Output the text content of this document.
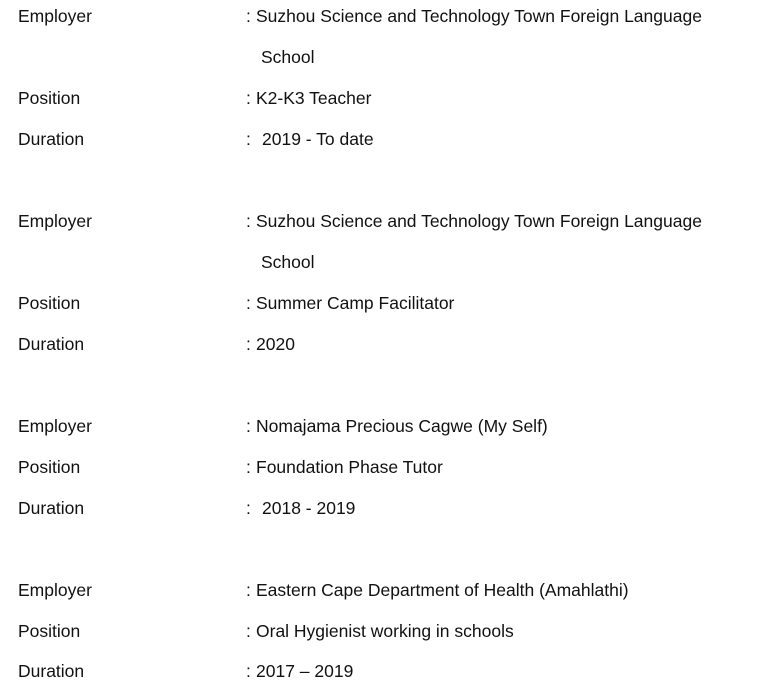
Employer	: Suzhou Science and Technology Town Foreign Language
School
Position	: K2-K3 Teacher
Duration	: 2019 - To date
Employer	: Suzhou Science and Technology Town Foreign Language
School
Position	: Summer Camp Facilitator
Duration	: 2020
Employer	: Nomajama Precious Cagwe (My Self)
Position	: Foundation Phase Tutor
Duration	: 2018 - 2019
Employer	: Eastern Cape Department of Health (Amahlathi)
Position	: Oral Hygienist working in schools
Duration	: 2017 – 2019
